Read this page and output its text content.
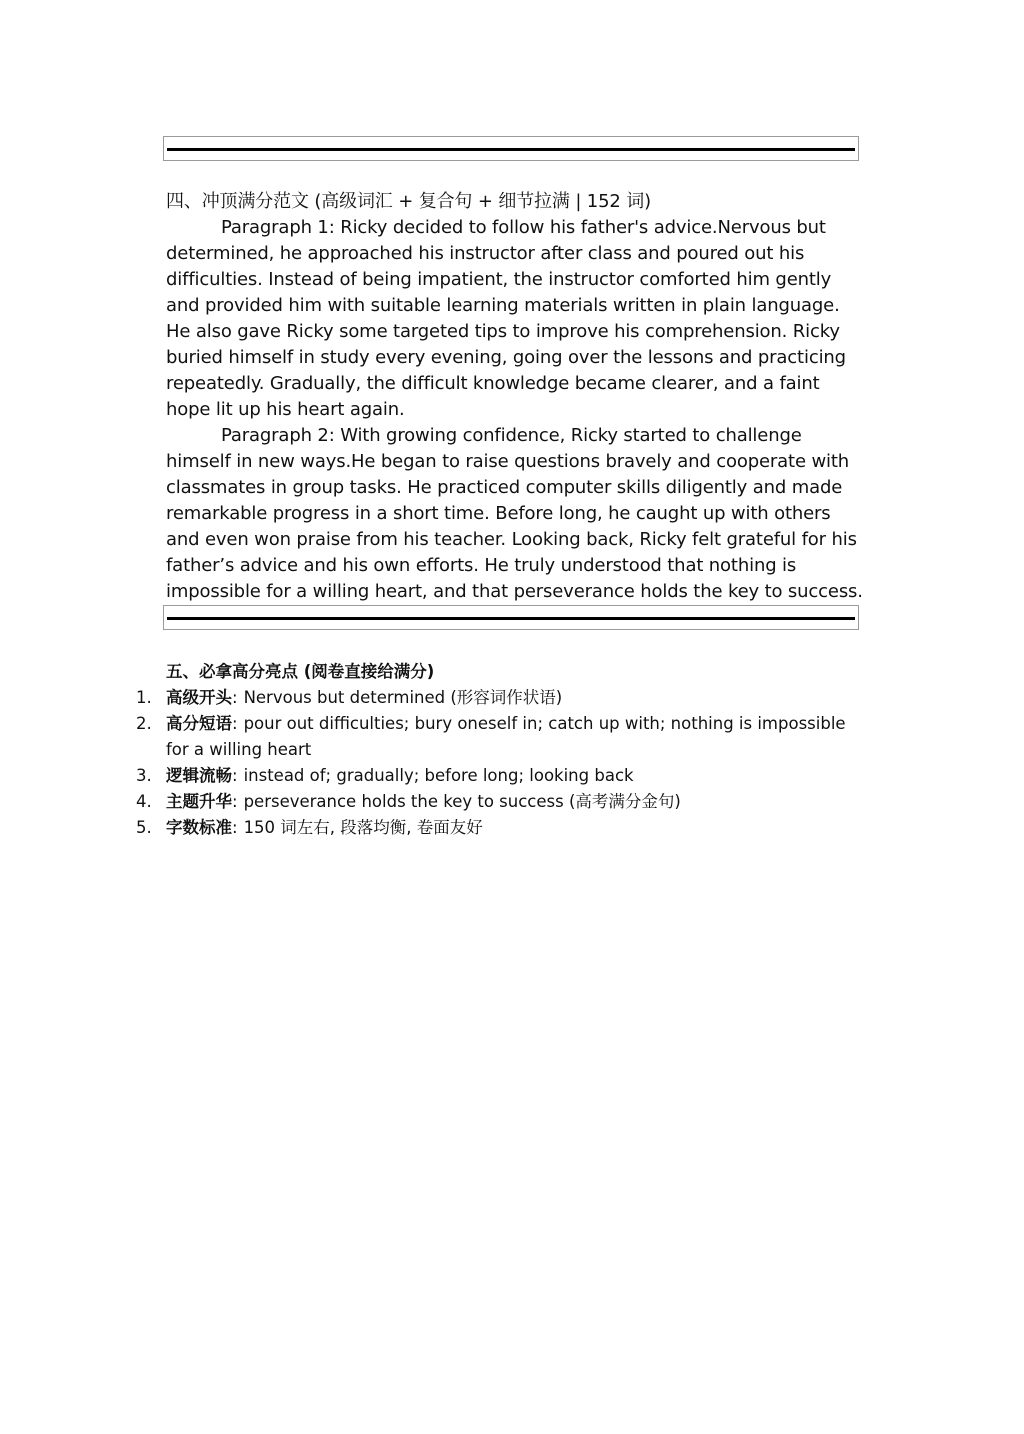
四、冲顶满分范文 (高级词汇 + 复合句 + 细节拉满 | 152 词)

Paragraph 1: Ricky decided to follow his father's advice.Nervous but determined, he approached his instructor after class and poured out his difficulties. Instead of being impatient, the instructor comforted him gently and provided him with suitable learning materials written in plain language. He also gave Ricky some targeted tips to improve his comprehension. Ricky buried himself in study every evening, going over the lessons and practicing repeatedly. Gradually, the difficult knowledge became clearer, and a faint hope lit up his heart again.

Paragraph 2: With growing confidence, Ricky started to challenge himself in new ways.He began to raise questions bravely and cooperate with classmates in group tasks. He practiced computer skills diligently and made remarkable progress in a short time. Before long, he caught up with others and even won praise from his teacher. Looking back, Ricky felt grateful for his father’s advice and his own efforts. He truly understood that nothing is impossible for a willing heart, and that perseverance holds the key to success.

五、必拿高分亮点 (阅卷直接给满分)
1. 高级开头: Nervous but determined (形容词作状语)
2. 高分短语: pour out difficulties; bury oneself in; catch up with; nothing is impossible for a willing heart
3. 逻辑流畅: instead of; gradually; before long; looking back
4. 主题升华: perseverance holds the key to success (高考满分金句)
5. 字数标准: 150 词左右, 段落均衡, 卷面友好
